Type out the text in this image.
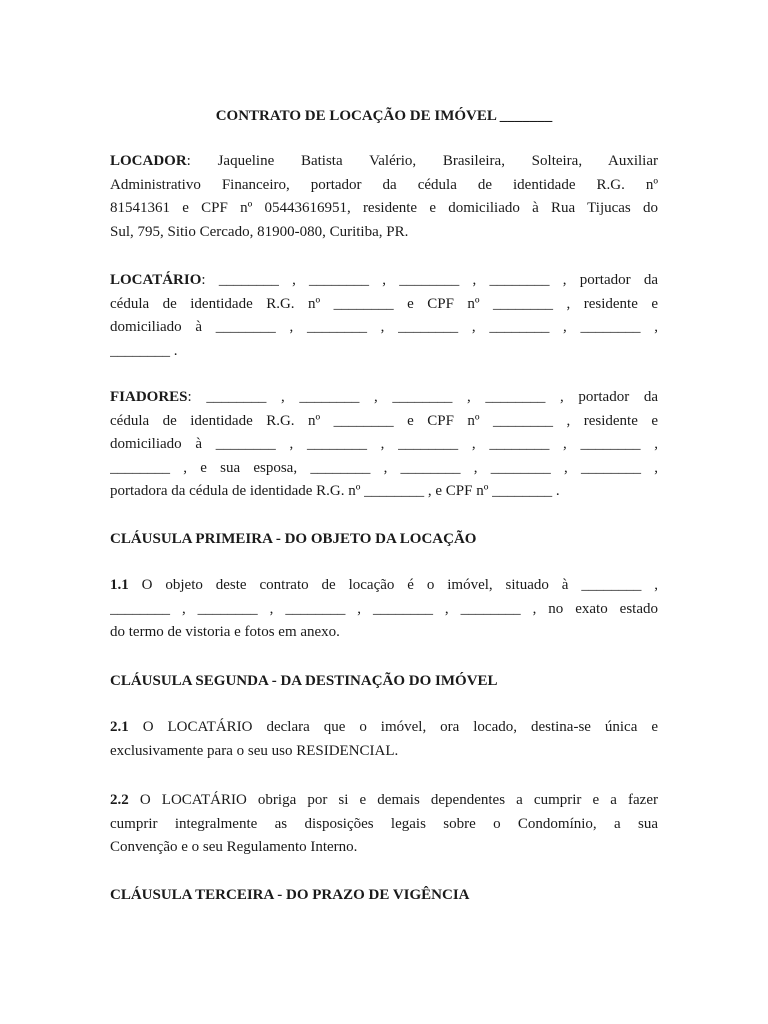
CONTRATO DE LOCAÇÃO DE IMÓVEL _______
LOCADOR: Jaqueline Batista Valério, Brasileira, Solteira, Auxiliar
Administrativo Financeiro, portador da cédula de identidade R.G. nº
81541361 e CPF nº 05443616951, residente e domiciliado à Rua Tijucas do
Sul, 795, Sitio Cercado, 81900-080, Curitiba, PR.
LOCATÁRIO: ________ , ________ , ________ , ________ , portador da
cédula de identidade R.G. nº ________ e CPF nº ________ , residente e
domiciliado à ________ , ________ , ________ , ________ , ________ ,
________ .
FIADORES: ________ , ________ , ________ , ________ , portador da
cédula de identidade R.G. nº ________ e CPF nº ________ , residente e
domiciliado à ________ , ________ , ________ , ________ , ________ ,
________ , e sua esposa, ________ , ________ , ________ , ________ ,
portadora da cédula de identidade R.G. nº ________ , e CPF nº ________ .
CLÁUSULA PRIMEIRA - DO OBJETO DA LOCAÇÃO
1.1 O objeto deste contrato de locação é o imóvel, situado à ________ ,
________ , ________ , ________ , ________ , ________ , no exato estado
do termo de vistoria e fotos em anexo.
CLÁUSULA SEGUNDA - DA DESTINAÇÃO DO IMÓVEL
2.1 O LOCATÁRIO declara que o imóvel, ora locado, destina-se única e
exclusivamente para o seu uso RESIDENCIAL.
2.2 O LOCATÁRIO obriga por si e demais dependentes a cumprir e a fazer
cumprir integralmente as disposições legais sobre o Condomínio, a sua
Convenção e o seu Regulamento Interno.
CLÁUSULA TERCEIRA - DO PRAZO DE VIGÊNCIA
